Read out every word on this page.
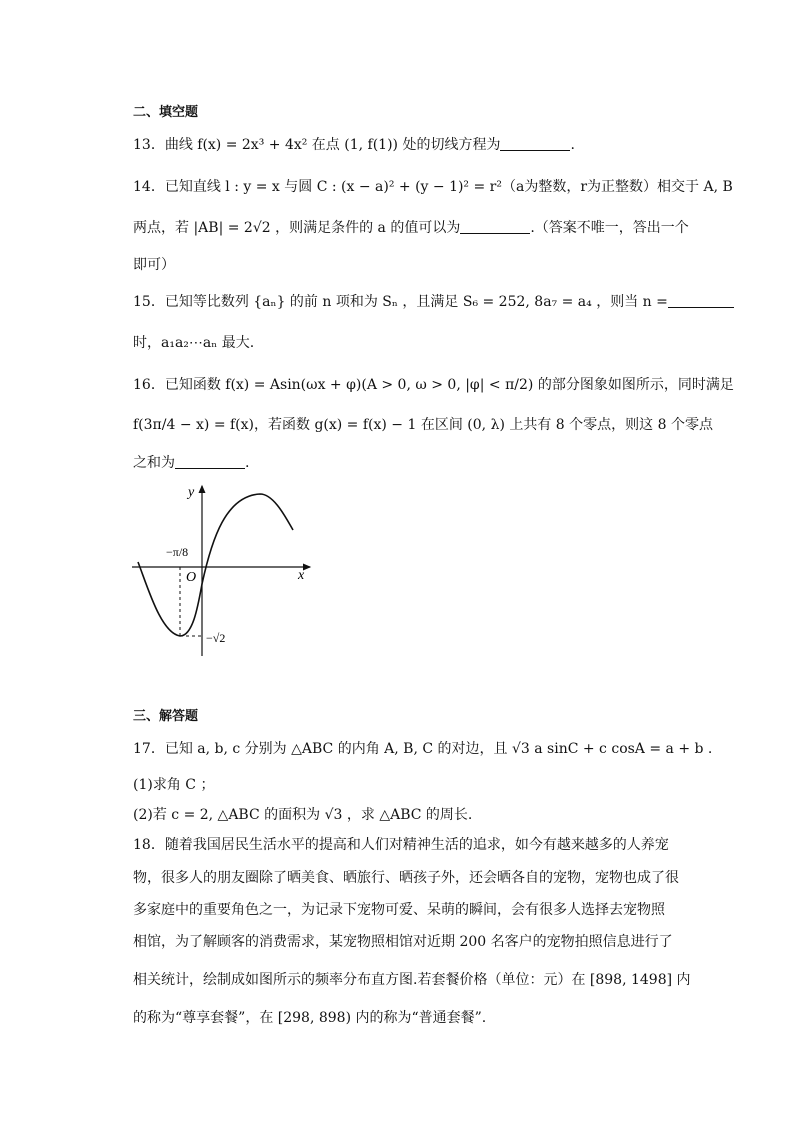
二、填空题
13．曲线 f(x) = 2x³ + 4x² 在点 (1, f(1)) 处的切线方程为	.
14．已知直线 l : y = x 与圆 C : (x − a)² + (y − 1)² = r²（a为整数，r为正整数）相交于 A, B
两点，若 |AB| = 2√2 ，则满足条件的 a 的值可以为	.（答案不唯一，答出一个
即可）
15．已知等比数列 {aₙ} 的前 n 项和为 Sₙ ，且满足 S₆ = 252, 8a₇ = a₄ ，则当 n =
时，a₁a₂⋯aₙ 最大.
16．已知函数 f(x) = Asin(ωx + φ)(A > 0, ω > 0, |φ| < π/2) 的部分图象如图所示，同时满足
f(3π/4 − x) = f(x)，若函数 g(x) = f(x) − 1 在区间 (0, λ) 上共有 8 个零点，则这 8 个零点
之和为	.
y
x
O
−π/8
−√2
三、解答题
17．已知 a, b, c 分别为 △ABC 的内角 A, B, C 的对边，且 √3 a sinC + c cosA = a + b .
(1)求角 C ；
(2)若 c = 2, △ABC 的面积为 √3 ，求 △ABC 的周长.
18．随着我国居民生活水平的提高和人们对精神生活的追求，如今有越来越多的人养宠
物，很多人的朋友圈除了晒美食、晒旅行、晒孩子外，还会晒各自的宠物，宠物也成了很
多家庭中的重要角色之一，为记录下宠物可爱、呆萌的瞬间，会有很多人选择去宠物照
相馆，为了解顾客的消费需求，某宠物照相馆对近期 200 名客户的宠物拍照信息进行了
相关统计，绘制成如图所示的频率分布直方图.若套餐价格（单位：元）在 [898, 1498] 内
的称为“尊享套餐”，在 [298, 898) 内的称为“普通套餐”.
